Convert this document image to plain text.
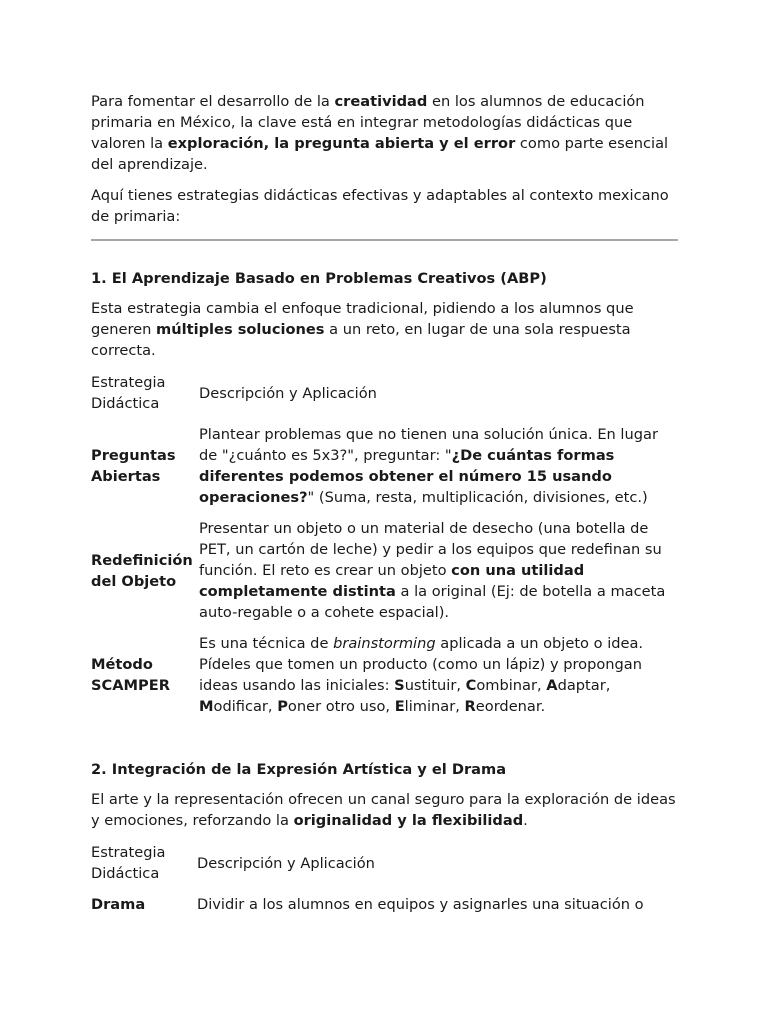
Para fomentar el desarrollo de la creatividad en los alumnos de educación primaria en México, la clave está en integrar metodologías didácticas que valoren la exploración, la pregunta abierta y el error como parte esencial del aprendizaje.

Aquí tienes estrategias didácticas efectivas y adaptables al contexto mexicano de primaria:

1. El Aprendizaje Basado en Problemas Creativos (ABP)

Esta estrategia cambia el enfoque tradicional, pidiendo a los alumnos que generen múltiples soluciones a un reto, en lugar de una sola respuesta correcta.

Estrategia Didáctica	Descripción y Aplicación
Preguntas Abiertas	Plantear problemas que no tienen una solución única. En lugar de "¿cuánto es 5x3?", preguntar: "¿De cuántas formas diferentes podemos obtener el número 15 usando operaciones?" (Suma, resta, multiplicación, divisiones, etc.)
Redefinición del Objeto	Presentar un objeto o un material de desecho (una botella de PET, un cartón de leche) y pedir a los equipos que redefinan su función. El reto es crear un objeto con una utilidad completamente distinta a la original (Ej: de botella a maceta auto-regable o a cohete espacial).
Método SCAMPER	Es una técnica de brainstorming aplicada a un objeto o idea. Pídeles que tomen un producto (como un lápiz) y propongan ideas usando las iniciales: Sustituir, Combinar, Adaptar, Modificar, Poner otro uso, Eliminar, Reordenar.
2. Integración de la Expresión Artística y el Drama

El arte y la representación ofrecen un canal seguro para la exploración de ideas y emociones, reforzando la originalidad y la flexibilidad.

Estrategia Didáctica	Descripción y Aplicación
Drama	Dividir a los alumnos en equipos y asignarles una situación o
